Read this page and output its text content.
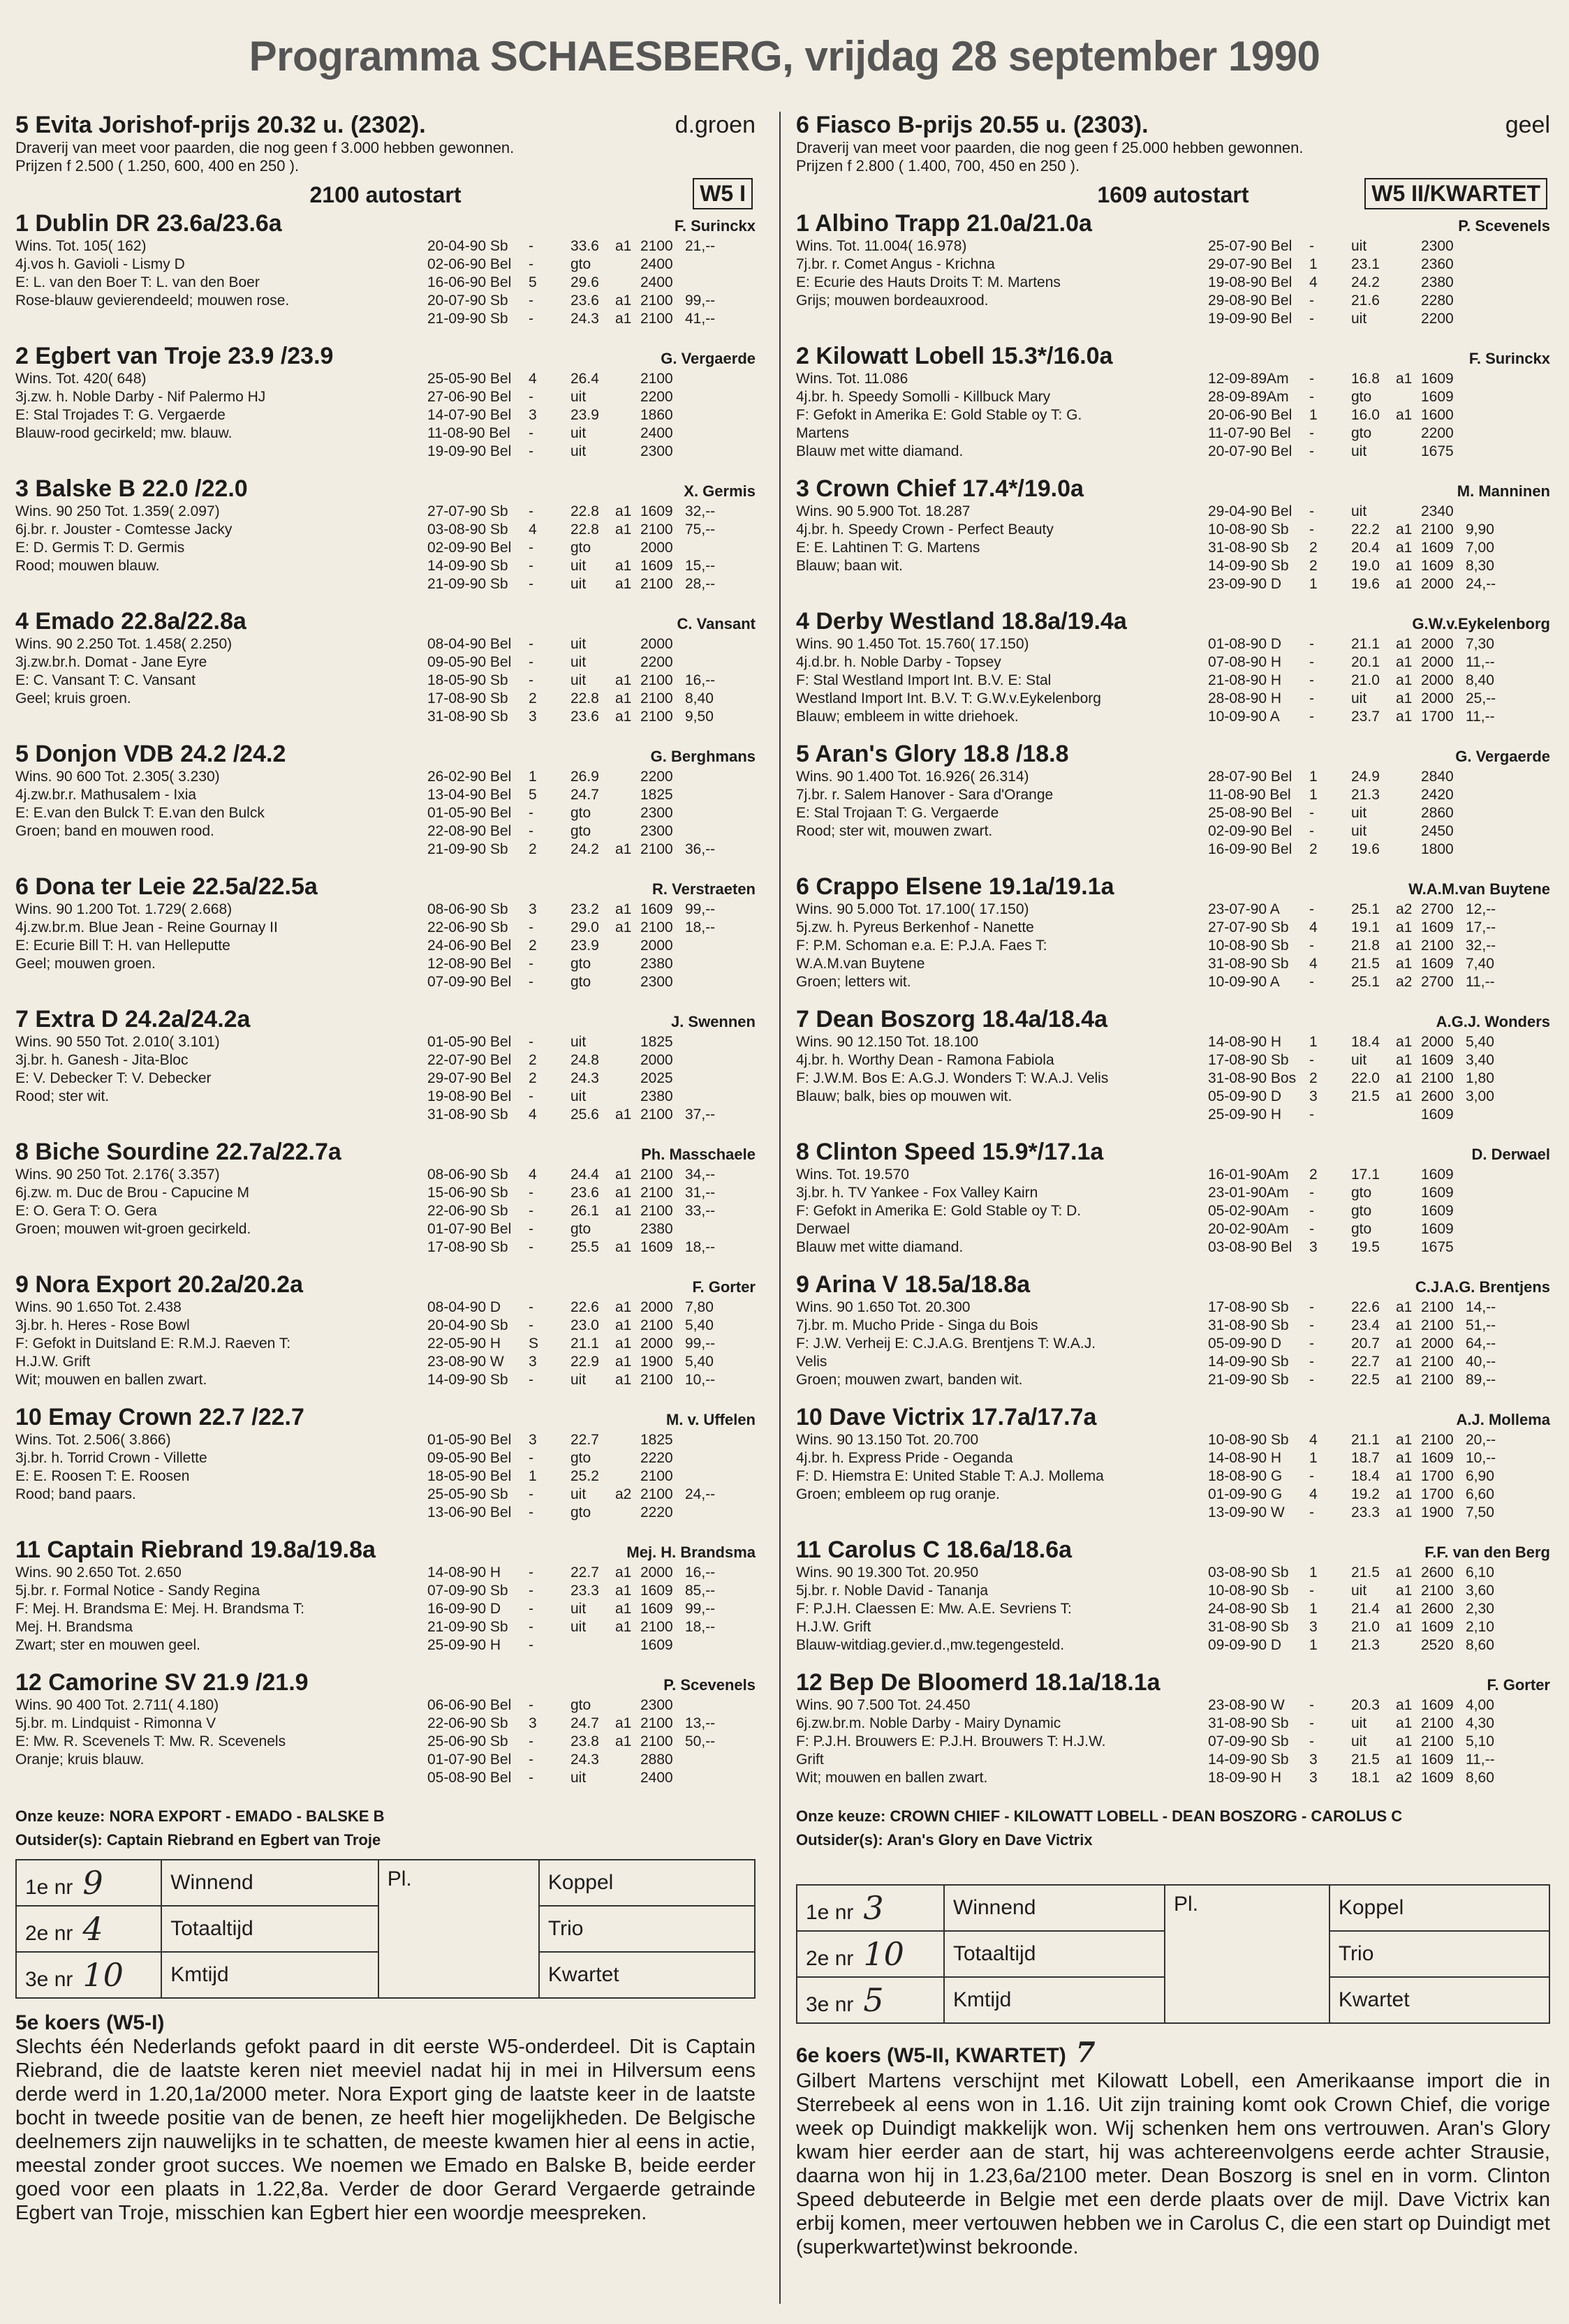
Programma SCHAESBERG, vrijdag 28 september 1990
5 Evita Jorishof-prijs 20.32 u. (2302).	d.groen
Draverij van meet voor paarden, die nog geen f 3.000 hebben gewonnen.
Prijzen f 2.500 ( 1.250, 600, 400 en 250 ).
2100 autostart	W5 I
1 Dublin DR 23.6a/23.6a	F. Surinckx
Wins. Tot. 105( 162)
4j.vos h. Gavioli - Lismy D
E: L. van den Boer T: L. van den Boer
Rose-blauw gevierendeeld; mouwen rose.
20-04-90 Sb	-	33.6	a1 2100 21,--
02-06-90 Bel	-	gto	2400
16-06-90 Bel	5	29.6	2400
20-07-90 Sb	-	23.6	a1 2100 99,--
21-09-90 Sb	-	24.3	a1 2100 41,--
2 Egbert van Troje 23.9 /23.9	G. Vergaerde
Wins. Tot. 420( 648)
3j.zw. h. Noble Darby - Nif Palermo HJ
E: Stal Trojades T: G. Vergaerde
Blauw-rood gecirkeld; mw. blauw.
25-05-90 Bel	4	26.4	2100
27-06-90 Bel	-	uit	2200
14-07-90 Bel	3	23.9	1860
11-08-90 Bel	-	uit	2400
19-09-90 Bel	-	uit	2300
3 Balske B 22.0 /22.0	X. Germis
Wins. 90 250 Tot. 1.359( 2.097)
6j.br. r. Jouster - Comtesse Jacky
E: D. Germis T: D. Germis
Rood; mouwen blauw.
27-07-90 Sb	-	22.8	a1 1609 32,--
03-08-90 Sb	4	22.8	a1 2100 75,--
02-09-90 Bel	-	gto	2000
14-09-90 Sb	-	uit	a1 1609 15,--
21-09-90 Sb	-	uit	a1 2100 28,--
4 Emado 22.8a/22.8a	C. Vansant
Wins. 90 2.250 Tot. 1.458( 2.250)
3j.zw.br.h. Domat - Jane Eyre
E: C. Vansant T: C. Vansant
Geel; kruis groen.
08-04-90 Bel	-	uit	2000
09-05-90 Bel	-	uit	2200
18-05-90 Sb	-	uit	a1 2100 16,--
17-08-90 Sb	2	22.8	a1 2100 8,40
31-08-90 Sb	3	23.6	a1 2100 9,50
5 Donjon VDB 24.2 /24.2	G. Berghmans
Wins. 90 600 Tot. 2.305( 3.230)
4j.zw.br.r. Mathusalem - Ixia
E: E.van den Bulck T: E.van den Bulck
Groen; band en mouwen rood.
26-02-90 Bel	1	26.9	2200
13-04-90 Bel	5	24.7	1825
01-05-90 Bel	-	gto	2300
22-08-90 Bel	-	gto	2300
21-09-90 Sb	2	24.2	a1 2100 36,--
6 Dona ter Leie 22.5a/22.5a	R. Verstraeten
Wins. 90 1.200 Tot. 1.729( 2.668)
4j.zw.br.m. Blue Jean - Reine Gournay II
E: Ecurie Bill T: H. van Helleputte
Geel; mouwen groen.
08-06-90 Sb	3	23.2	a1 1609 99,--
22-06-90 Sb	-	29.0	a1 2100 18,--
24-06-90 Bel	2	23.9	2000
12-08-90 Bel	-	gto	2380
07-09-90 Bel	-	gto	2300
7 Extra D 24.2a/24.2a	J. Swennen
Wins. 90 550 Tot. 2.010( 3.101)
3j.br. h. Ganesh - Jita-Bloc
E: V. Debecker T: V. Debecker
Rood; ster wit.
01-05-90 Bel	-	uit	1825
22-07-90 Bel	2	24.8	2000
29-07-90 Bel	2	24.3	2025
19-08-90 Bel	-	uit	2380
31-08-90 Sb	4	25.6	a1 2100 37,--
8 Biche Sourdine 22.7a/22.7a	Ph. Masschaele
Wins. 90 250 Tot. 2.176( 3.357)
6j.zw. m. Duc de Brou - Capucine M
E: O. Gera T: O. Gera
Groen; mouwen wit-groen gecirkeld.
08-06-90 Sb	4	24.4	a1 2100 34,--
15-06-90 Sb	-	23.6	a1 2100 31,--
22-06-90 Sb	-	26.1	a1 2100 33,--
01-07-90 Bel	-	gto	2380
17-08-90 Sb	-	25.5	a1 1609 18,--
9 Nora Export 20.2a/20.2a	F. Gorter
Wins. 90 1.650 Tot. 2.438
3j.br. h. Heres - Rose Bowl
F: Gefokt in Duitsland E: R.M.J. Raeven T:
H.J.W. Grift
Wit; mouwen en ballen zwart.
08-04-90 D	-	22.6	a1 2000 7,80
20-04-90 Sb	-	23.0	a1 2100 5,40
22-05-90 H	S	21.1	a1 2000 99,--
23-08-90 W	3	22.9	a1 1900 5,40
14-09-90 Sb	-	uit	a1 2100 10,--
10 Emay Crown 22.7 /22.7	M. v. Uffelen
Wins. Tot. 2.506( 3.866)
3j.br. h. Torrid Crown - Villette
E: E. Roosen T: E. Roosen
Rood; band paars.
01-05-90 Bel	3	22.7	1825
09-05-90 Bel	-	gto	2220
18-05-90 Bel	1	25.2	2100
25-05-90 Sb	-	uit	a2 2100 24,--
13-06-90 Bel	-	gto	2220
11 Captain Riebrand 19.8a/19.8a	Mej. H. Brandsma
Wins. 90 2.650 Tot. 2.650
5j.br. r. Formal Notice - Sandy Regina
F: Mej. H. Brandsma E: Mej. H. Brandsma T:
Mej. H. Brandsma
Zwart; ster en mouwen geel.
14-08-90 H	-	22.7	a1 2000 16,--
07-09-90 Sb	-	23.3	a1 1609 85,--
16-09-90 D	-	uit	a1 1609 99,--
21-09-90 Sb	-	uit	a1 2100 18,--
25-09-90 H	-	1609
12 Camorine SV 21.9 /21.9	P. Scevenels
Wins. 90 400 Tot. 2.711( 4.180)
5j.br. m. Lindquist - Rimonna V
E: Mw. R. Scevenels T: Mw. R. Scevenels
Oranje; kruis blauw.
06-06-90 Bel	-	gto	2300
22-06-90 Sb	3	24.7	a1 2100 13,--
25-06-90 Sb	-	23.8	a1 2100 50,--
01-07-90 Bel	-	24.3	2880
05-08-90 Bel	-	uit	2400
Onze keuze: NORA EXPORT - EMADO - BALSKE B
Outsider(s): Captain Riebrand en Egbert van Troje
1e nr 9	Winnend	Pl.	Koppel
2e nr 4	Totaaltijd		Trio
3e nr 10	Kmtijd		Kwartet
5e koers (W5-I)
Slechts één Nederlands gefokt paard in dit eerste W5-onderdeel. Dit is Captain Riebrand, die de laatste keren niet meeviel nadat hij in mei in Hilversum eens derde werd in 1.20,1a/2000 meter. Nora Export ging de laatste keer in de laatste bocht in tweede positie van de benen, ze heeft hier mogelijkheden. De Belgische deelnemers zijn nauwelijks in te schatten, de meeste kwamen hier al eens in actie, meestal zonder groot succes. We noemen we Emado en Balske B, beide eerder goed voor een plaats in 1.22,8a. Verder de door Gerard Vergaerde getrainde Egbert van Troje, misschien kan Egbert hier een woordje meespreken.
6 Fiasco B-prijs 20.55 u. (2303).	geel
Draverij van meet voor paarden, die nog geen f 25.000 hebben gewonnen.
Prijzen f 2.800 ( 1.400, 700, 450 en 250 ).
1609 autostart	W5 II/KWARTET
1 Albino Trapp 21.0a/21.0a	P. Scevenels
Wins. Tot. 11.004( 16.978)
7j.br. r. Comet Angus - Krichna
E: Ecurie des Hauts Droits T: M. Martens
Grijs; mouwen bordeauxrood.
25-07-90 Bel	-	uit	2300
29-07-90 Bel	1	23.1	2360
19-08-90 Bel	4	24.2	2380
29-08-90 Bel	-	21.6	2280
19-09-90 Bel	-	uit	2200
2 Kilowatt Lobell 15.3*/16.0a	F. Surinckx
Wins. Tot. 11.086
4j.br. h. Speedy Somolli - Killbuck Mary
F: Gefokt in Amerika E: Gold Stable oy T: G.
Martens
Blauw met witte diamand.
12-09-89Am	-	16.8	a1 1609
28-09-89Am	-	gto	1609
20-06-90 Bel	1	16.0	a1 1600
11-07-90 Bel	-	gto	2200
20-07-90 Bel	-	uit	1675
3 Crown Chief 17.4*/19.0a	M. Manninen
Wins. 90 5.900 Tot. 18.287
4j.br. h. Speedy Crown - Perfect Beauty
E: E. Lahtinen T: G. Martens
Blauw; baan wit.
29-04-90 Bel	-	uit	2340
10-08-90 Sb	-	22.2	a1 2100 9,90
31-08-90 Sb	2	20.4	a1 1609 7,00
14-09-90 Sb	2	19.0	a1 1609 8,30
23-09-90 D	1	19.6	a1 2000 24,--
4 Derby Westland 18.8a/19.4a	G.W.v.Eykelenborg
Wins. 90 1.450 Tot. 15.760( 17.150)
4j.d.br. h. Noble Darby - Topsey
F: Stal Westland Import Int. B.V. E: Stal
Westland Import Int. B.V. T: G.W.v.Eykelenborg
Blauw; embleem in witte driehoek.
01-08-90 D	-	21.1	a1 2000 7,30
07-08-90 H	-	20.1	a1 2000 11,--
21-08-90 H	-	21.0	a1 2000 8,40
28-08-90 H	-	uit	a1 2000 25,--
10-09-90 A	-	23.7	a1 1700 11,--
5 Aran's Glory 18.8 /18.8	G. Vergaerde
Wins. 90 1.400 Tot. 16.926( 26.314)
7j.br. r. Salem Hanover - Sara d'Orange
E: Stal Trojaan T: G. Vergaerde
Rood; ster wit, mouwen zwart.
28-07-90 Bel	1	24.9	2840
11-08-90 Bel	1	21.3	2420
25-08-90 Bel	-	uit	2860
02-09-90 Bel	-	uit	2450
16-09-90 Bel	2	19.6	1800
6 Crappo Elsene 19.1a/19.1a	W.A.M.van Buytene
Wins. 90 5.000 Tot. 17.100( 17.150)
5j.zw. h. Pyreus Berkenhof - Nanette
F: P.M. Schoman e.a. E: P.J.A. Faes T:
W.A.M.van Buytene
Groen; letters wit.
23-07-90 A	-	25.1	a2 2700 12,--
27-07-90 Sb	4	19.1	a1 1609 17,--
10-08-90 Sb	-	21.8	a1 2100 32,--
31-08-90 Sb	4	21.5	a1 1609 7,40
10-09-90 A	-	25.1	a2 2700 11,--
7 Dean Boszorg 18.4a/18.4a	A.G.J. Wonders
Wins. 90 12.150 Tot. 18.100
4j.br. h. Worthy Dean - Ramona Fabiola
F: J.W.M. Bos E: A.G.J. Wonders T: W.A.J. Velis
Blauw; balk, bies op mouwen wit.
14-08-90 H	1	18.4	a1 2000 5,40
17-08-90 Sb	-	uit	a1 1609 3,40
31-08-90 Bos 2	22.0	a1 2100 1,80
05-09-90 D	3	21.5	a1 2600 3,00
25-09-90 H	-	1609
8 Clinton Speed 15.9*/17.1a	D. Derwael
Wins. Tot. 19.570
3j.br. h. TV Yankee - Fox Valley Kairn
F: Gefokt in Amerika E: Gold Stable oy T: D.
Derwael
Blauw met witte diamand.
16-01-90Am	2	17.1	1609
23-01-90Am	-	gto	1609
05-02-90Am	-	gto	1609
20-02-90Am	-	gto	1609
03-08-90 Bel	3	19.5	1675
9 Arina V 18.5a/18.8a	C.J.A.G. Brentjens
Wins. 90 1.650 Tot. 20.300
7j.br. m. Mucho Pride - Singa du Bois
F: J.W. Verheij E: C.J.A.G. Brentjens T: W.A.J.
Velis
Groen; mouwen zwart, banden wit.
17-08-90 Sb	-	22.6	a1 2100 14,--
31-08-90 Sb	-	23.4	a1 2100 51,--
05-09-90 D	-	20.7	a1 2000 64,--
14-09-90 Sb	-	22.7	a1 2100 40,--
21-09-90 Sb	-	22.5	a1 2100 89,--
10 Dave Victrix 17.7a/17.7a	A.J. Mollema
Wins. 90 13.150 Tot. 20.700
4j.br. h. Express Pride - Oeganda
F: D. Hiemstra E: United Stable T: A.J. Mollema
Groen; embleem op rug oranje.
10-08-90 Sb	4	21.1	a1 2100 20,--
14-08-90 H	1	18.7	a1 1609 10,--
18-08-90 G	-	18.4	a1 1700 6,90
01-09-90 G	4	19.2	a1 1700 6,60
13-09-90 W	-	23.3	a1 1900 7,50
11 Carolus C 18.6a/18.6a	F.F. van den Berg
Wins. 90 19.300 Tot. 20.950
5j.br. r. Noble David - Tananja
F: P.J.H. Claessen E: Mw. A.E. Sevriens T:
H.J.W. Grift
Blauw-witdiag.gevier.d.,mw.tegengesteld.
03-08-90 Sb	1	21.5	a1 2600 6,10
10-08-90 Sb	-	uit	a1 2100 3,60
24-08-90 Sb	1	21.4	a1 2600 2,30
31-08-90 Sb	3	21.0	a1 1609 2,10
09-09-90 D	1	21.3	2520 8,60
12 Bep De Bloomerd 18.1a/18.1a	F. Gorter
Wins. 90 7.500 Tot. 24.450
6j.zw.br.m. Noble Darby - Mairy Dynamic
F: P.J.H. Brouwers E: P.J.H. Brouwers T: H.J.W.
Grift
Wit; mouwen en ballen zwart.
23-08-90 W	-	20.3	a1 1609 4,00
31-08-90 Sb	-	uit	a1 2100 4,30
07-09-90 Sb	-	uit	a1 2100 5,10
14-09-90 Sb	3	21.5	a1 1609 11,--
18-09-90 H	3	18.1	a2 1609 8,60
Onze keuze: CROWN CHIEF - KILOWATT LOBELL - DEAN BOSZORG - CAROLUS C
Outsider(s): Aran's Glory en Dave Victrix
1e nr 3	Winnend	Pl.	Koppel
2e nr 10	Totaaltijd		Trio
3e nr 5	Kmtijd		Kwartet
6e koers (W5-II, KWARTET) 7
Gilbert Martens verschijnt met Kilowatt Lobell, een Amerikaanse import die in Sterrebeek al eens won in 1.16. Uit zijn training komt ook Crown Chief, die vorige week op Duindigt makkelijk won. Wij schenken hem ons vertrouwen. Aran's Glory kwam hier eerder aan de start, hij was achtereenvolgens eerde achter Strausie, daarna won hij in 1.23,6a/2100 meter. Dean Boszorg is snel en in vorm. Clinton Speed debuteerde in Belgie met een derde plaats over de mijl. Dave Victrix kan erbij komen, meer vertouwen hebben we in Carolus C, die een start op Duindigt met (superkwartet)winst bekroonde.
